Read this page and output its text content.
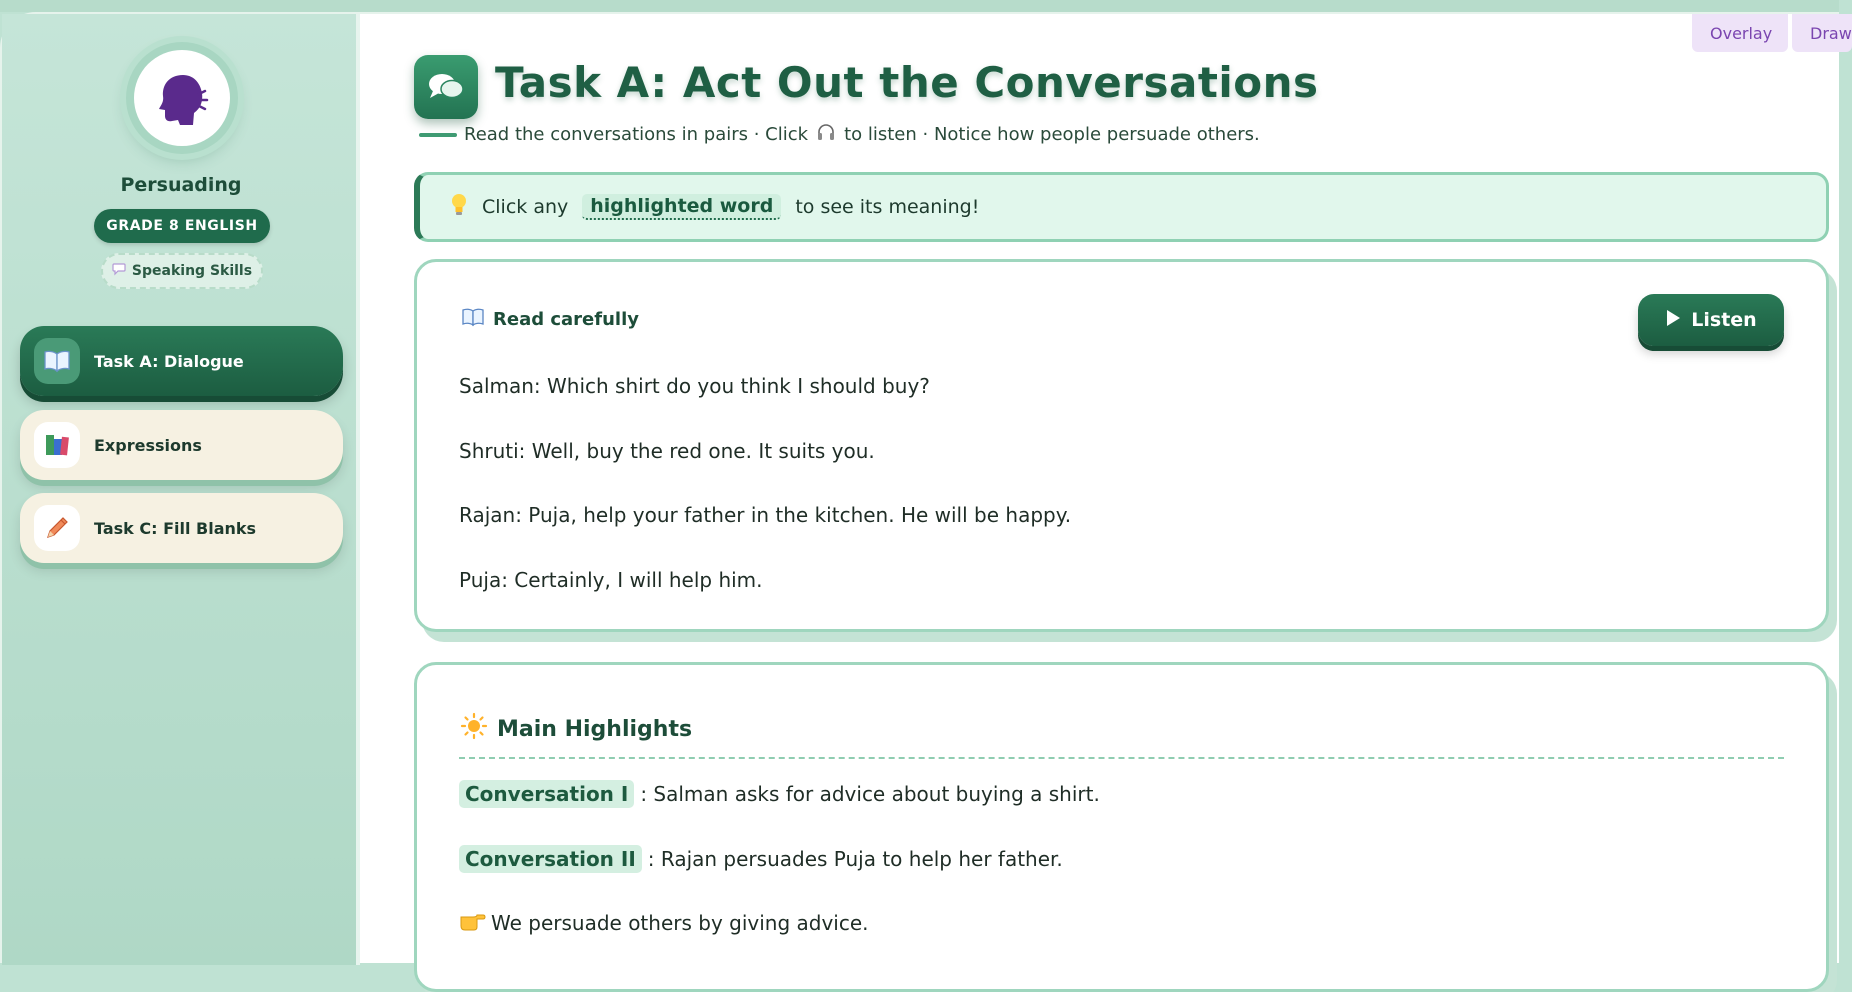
Persuading
GRADE 8 ENGLISH
Speaking Skills
Task A: Dialogue
Expressions
Task C: Fill Blanks
Overlay	Draw
Task A: Act Out the Conversations
Read the conversations in pairs · Click to listen · Notice how people persuade others.
Click any	highlighted word	to see its meaning!
Read carefully	Listen
Salman: Which shirt do you think I should buy?
Shruti: Well, buy the red one. It suits you.
Rajan: Puja, help your father in the kitchen. He will be happy.
Puja: Certainly, I will help him.
Main Highlights
Conversation I : Salman asks for advice about buying a shirt.
Conversation II : Rajan persuades Puja to help her father.
We persuade others by giving advice.
